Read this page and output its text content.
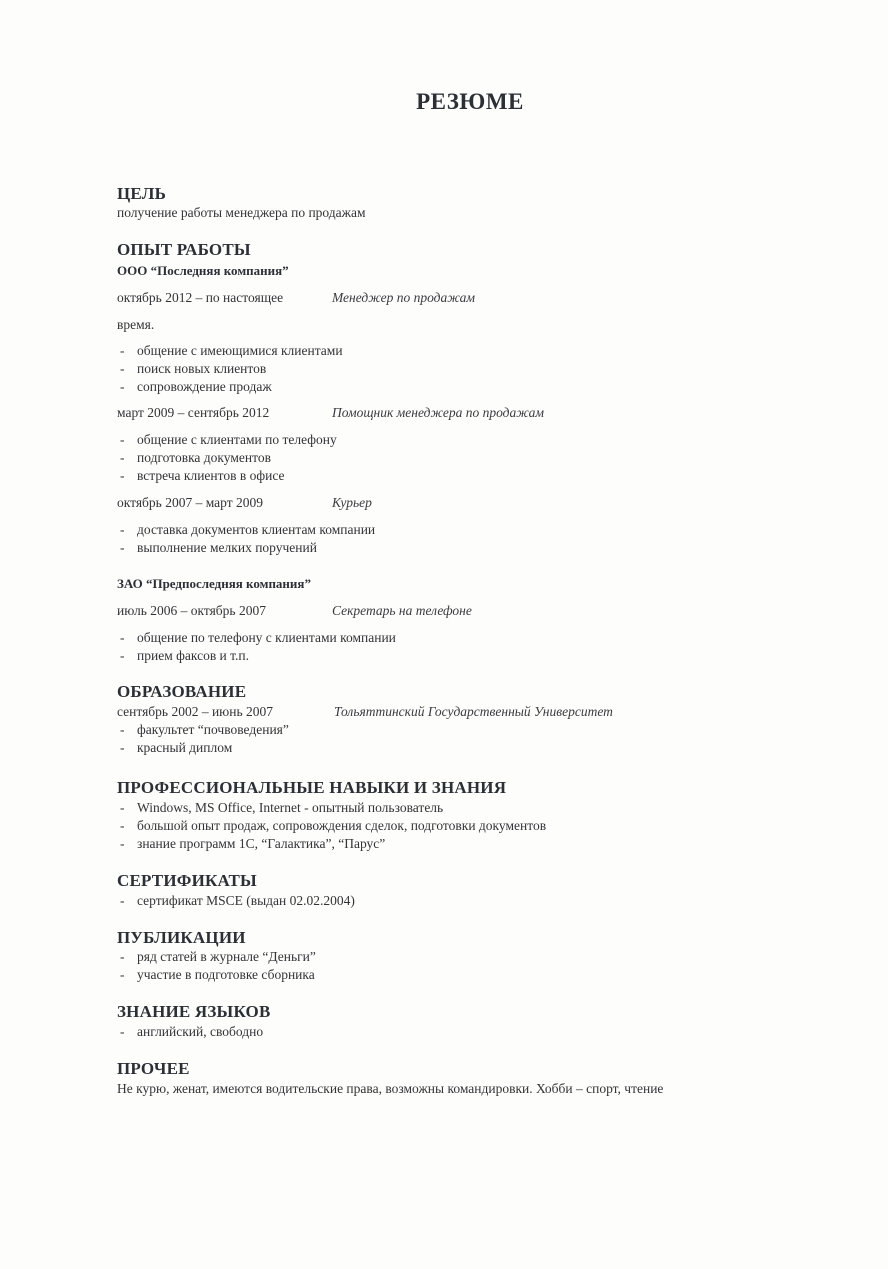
РЕЗЮМЕ
ЦЕЛЬ
получение работы менеджера по продажам
ОПЫТ РАБОТЫ
ООО “Последняя компания”
октябрь 2012 – по настоящее	Менеджер по продажам
время.
- общение с имеющимися клиентами
- поиск новых клиентов
- сопровождение продаж
март 2009 – сентябрь 2012	Помощник менеджера по продажам
- общение с клиентами по телефону
- подготовка документов
- встреча клиентов в офисе
октябрь 2007 – март 2009	Курьер
- доставка документов клиентам компании
- выполнение мелких поручений
ЗАО “Предпоследняя компания”
июль 2006 – октябрь 2007	Секретарь на телефоне
- общение по телефону с клиентами компании
- прием факсов и т.п.
ОБРАЗОВАНИЕ
сентябрь 2002 – июнь 2007	Тольяттинский Государственный Университет
- факультет “почвоведения”
- красный диплом
ПРОФЕССИОНАЛЬНЫЕ НАВЫКИ И ЗНАНИЯ
- Windows, MS Office, Internet - опытный пользователь
- большой опыт продаж, сопровождения сделок, подготовки документов
- знание программ 1С, “Галактика”, “Парус”
СЕРТИФИКАТЫ
- сертификат MSCE (выдан 02.02.2004)
ПУБЛИКАЦИИ
- ряд статей в журнале “Деньги”
- участие в подготовке сборника
ЗНАНИЕ ЯЗЫКОВ
- английский, свободно
ПРОЧЕЕ
Не курю, женат, имеются водительские права, возможны командировки. Хобби – спорт, чтение
